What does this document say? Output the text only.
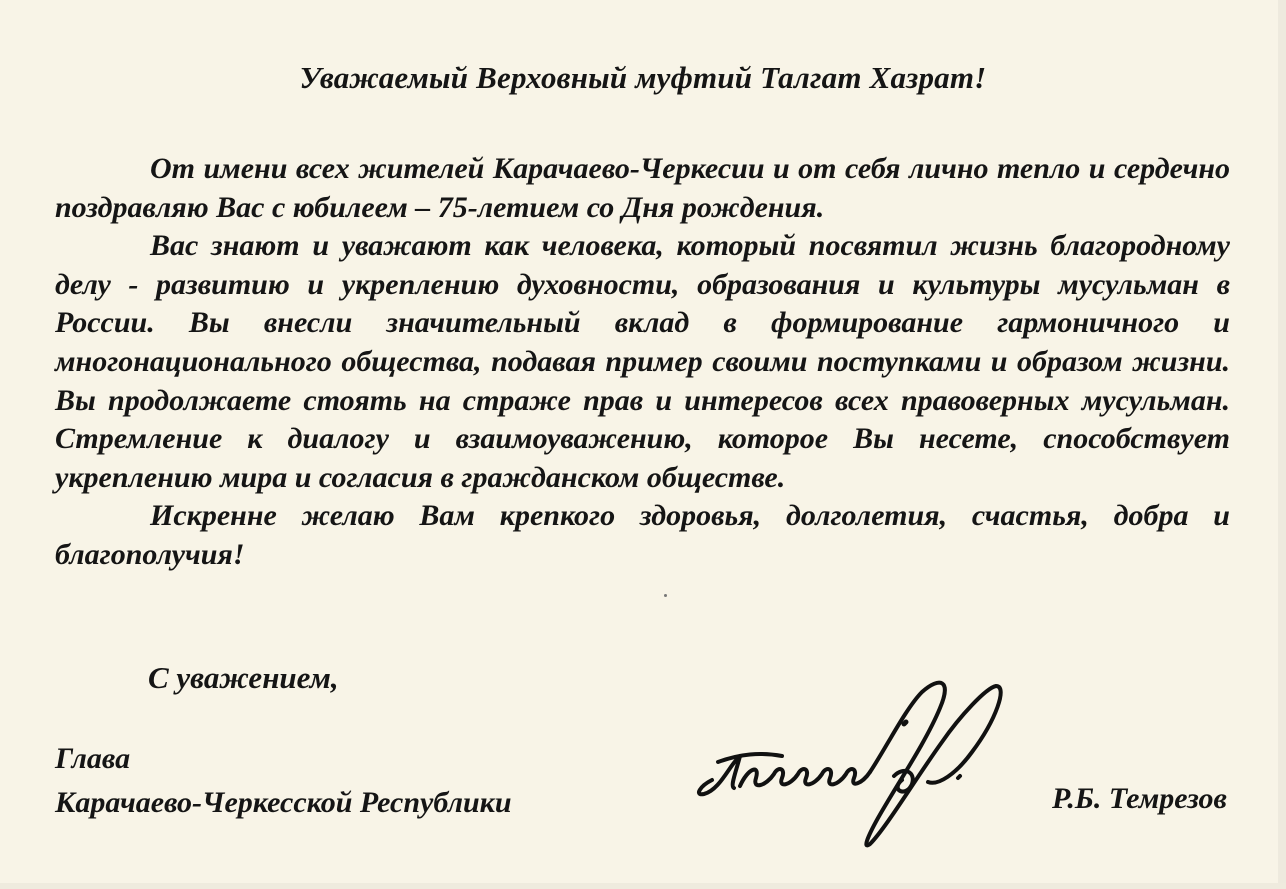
Уважаемый Верховный муфтий Талгат Хазрат!

От имени всех жителей Карачаево-Черкесии и от себя лично тепло и сердечно поздравляю Вас с юбилеем – 75-летием со Дня рождения.

Вас знают и уважают как человека, который посвятил жизнь благородному делу - развитию и укреплению духовности, образования и культуры мусульман в России. Вы внесли значительный вклад в формирование гармоничного и многонационального общества, подавая пример своими поступками и образом жизни. Вы продолжаете стоять на страже прав и интересов всех правоверных мусульман. Стремление к диалогу и взаимоуважению, которое Вы несете, способствует укреплению мира и согласия в гражданском обществе.

Искренне желаю Вам крепкого здоровья, долголетия, счастья, добра и благополучия!

С уважением,
Глава
Карачаево-Черкесской Республики	Р.Б. Темрезов
